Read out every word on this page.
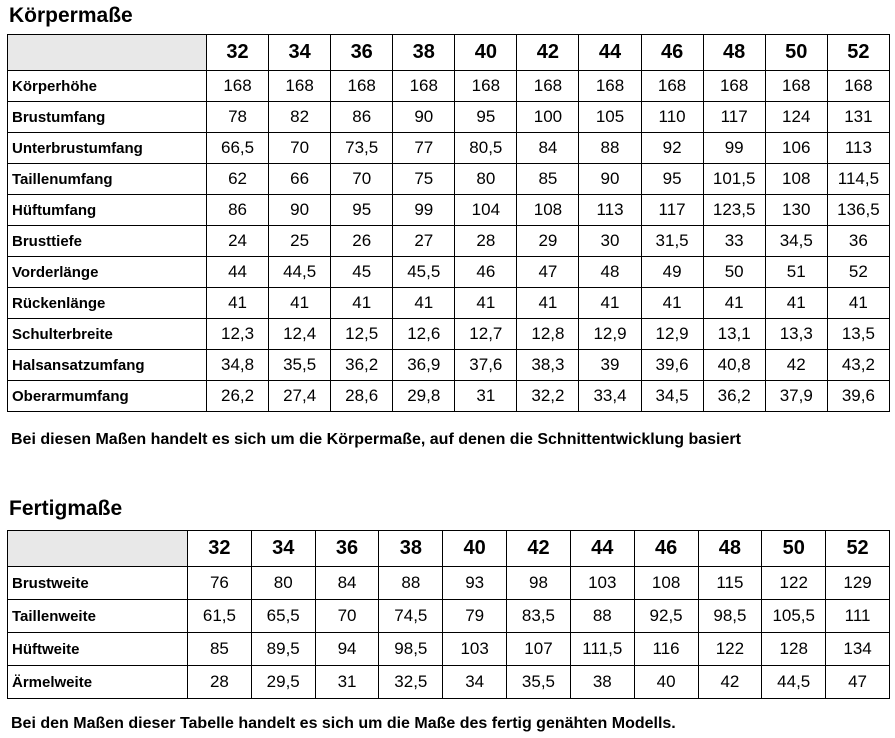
Körpermaße
	32	34	36	38	40	42	44	46	48	50	52
Körperhöhe	168	168	168	168	168	168	168	168	168	168	168
Brustumfang	78	82	86	90	95	100	105	110	117	124	131
Unterbrustumfang	66,5	70	73,5	77	80,5	84	88	92	99	106	113
Taillenumfang	62	66	70	75	80	85	90	95	101,5	108	114,5
Hüftumfang	86	90	95	99	104	108	113	117	123,5	130	136,5
Brusttiefe	24	25	26	27	28	29	30	31,5	33	34,5	36
Vorderlänge	44	44,5	45	45,5	46	47	48	49	50	51	52
Rückenlänge	41	41	41	41	41	41	41	41	41	41	41
Schulterbreite	12,3	12,4	12,5	12,6	12,7	12,8	12,9	12,9	13,1	13,3	13,5
Halsansatzumfang	34,8	35,5	36,2	36,9	37,6	38,3	39	39,6	40,8	42	43,2
Oberarmumfang	26,2	27,4	28,6	29,8	31	32,2	33,4	34,5	36,2	37,9	39,6

Bei diesen Maßen handelt es sich um die Körpermaße, auf denen die Schnittentwicklung basiert

Fertigmaße
	32	34	36	38	40	42	44	46	48	50	52
Brustweite	76	80	84	88	93	98	103	108	115	122	129
Taillenweite	61,5	65,5	70	74,5	79	83,5	88	92,5	98,5	105,5	111
Hüftweite	85	89,5	94	98,5	103	107	111,5	116	122	128	134
Ärmelweite	28	29,5	31	32,5	34	35,5	38	40	42	44,5	47

Bei den Maßen dieser Tabelle handelt es sich um die Maße des fertig genähten Modells.
